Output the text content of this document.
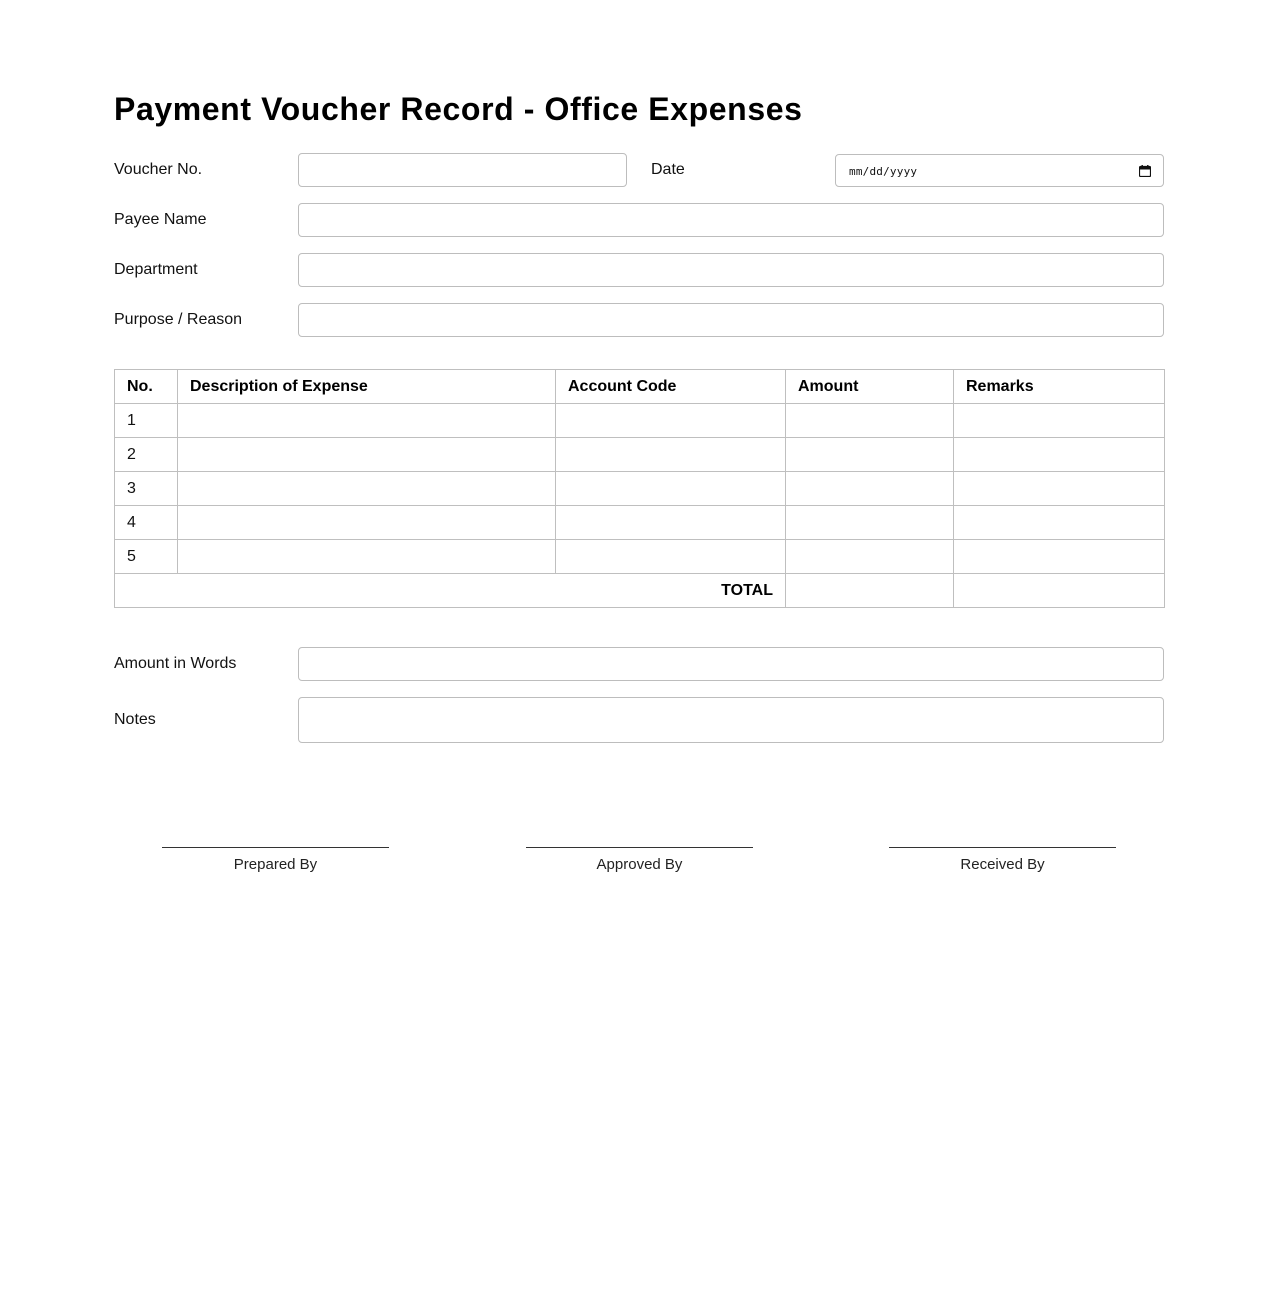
Payment Voucher Record - Office Expenses
Voucher No.	Date	mm/dd/yyyy
Payee Name
Department
Purpose / Reason
No.	Description of Expense	Account Code	Amount	Remarks
1				
2				
3				
4				
5				
TOTAL				
Amount in Words
Notes
Prepared By	Approved By	Received By
